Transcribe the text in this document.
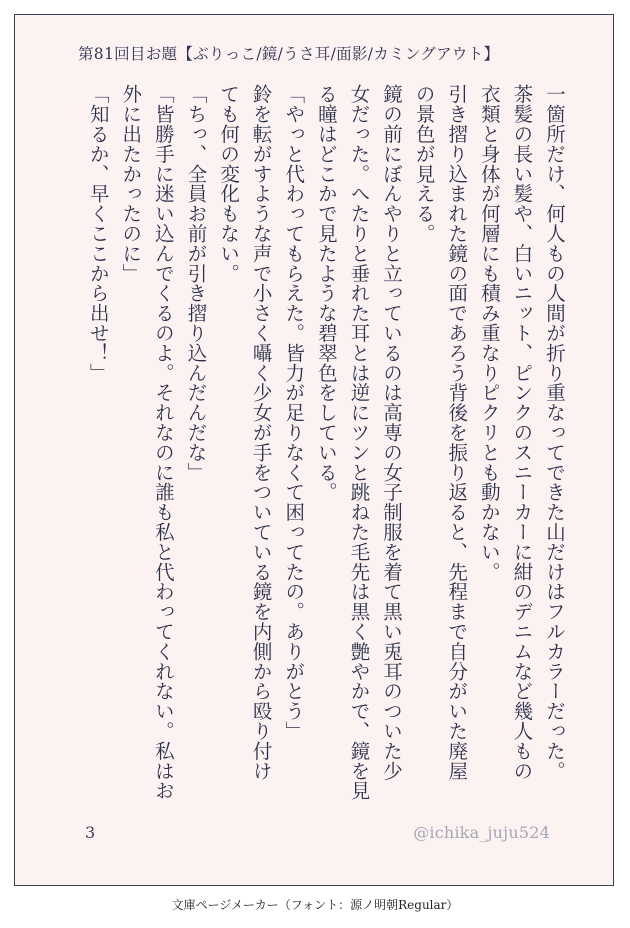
第81回目お題【ぶりっこ/鏡/うさ耳/面影/カミングアウト】

一箇所だけ、何人もの人間が折り重なってできた山だけはフルカラーだった。

茶髪の長い髪や、白いニット、ピンクのスニーカーに紺のデニムなど幾人もの

衣類と身体が何層にも積み重なりピクリとも動かない。

引き摺り込まれた鏡の面であろう背後を振り返ると、先程まで自分がいた廃屋

の景色が見える。

鏡の前にぼんやりと立っているのは高専の女子制服を着て黒い兎耳のついた少

女だった。へたりと垂れた耳とは逆にツンと跳ねた毛先は黒く艶やかで、鏡を見

る瞳はどこかで見たような碧翠色をしている。

「やっと代わってもらえた。皆力が足りなくて困ってたの。ありがとう」

鈴を転がすような声で小さく囁く少女が手をついている鏡を内側から殴り付け

ても何の変化もない。

「ちっ、全員お前が引き摺り込んだんだな」

「皆勝手に迷い込んでくるのよ。それなのに誰も私と代わってくれない。私はお

外に出たかったのに」

「知るか、早くここから出せ！」

3	@ichika_juju524
文庫ページメーカー（フォント：源ノ明朝Regular）
